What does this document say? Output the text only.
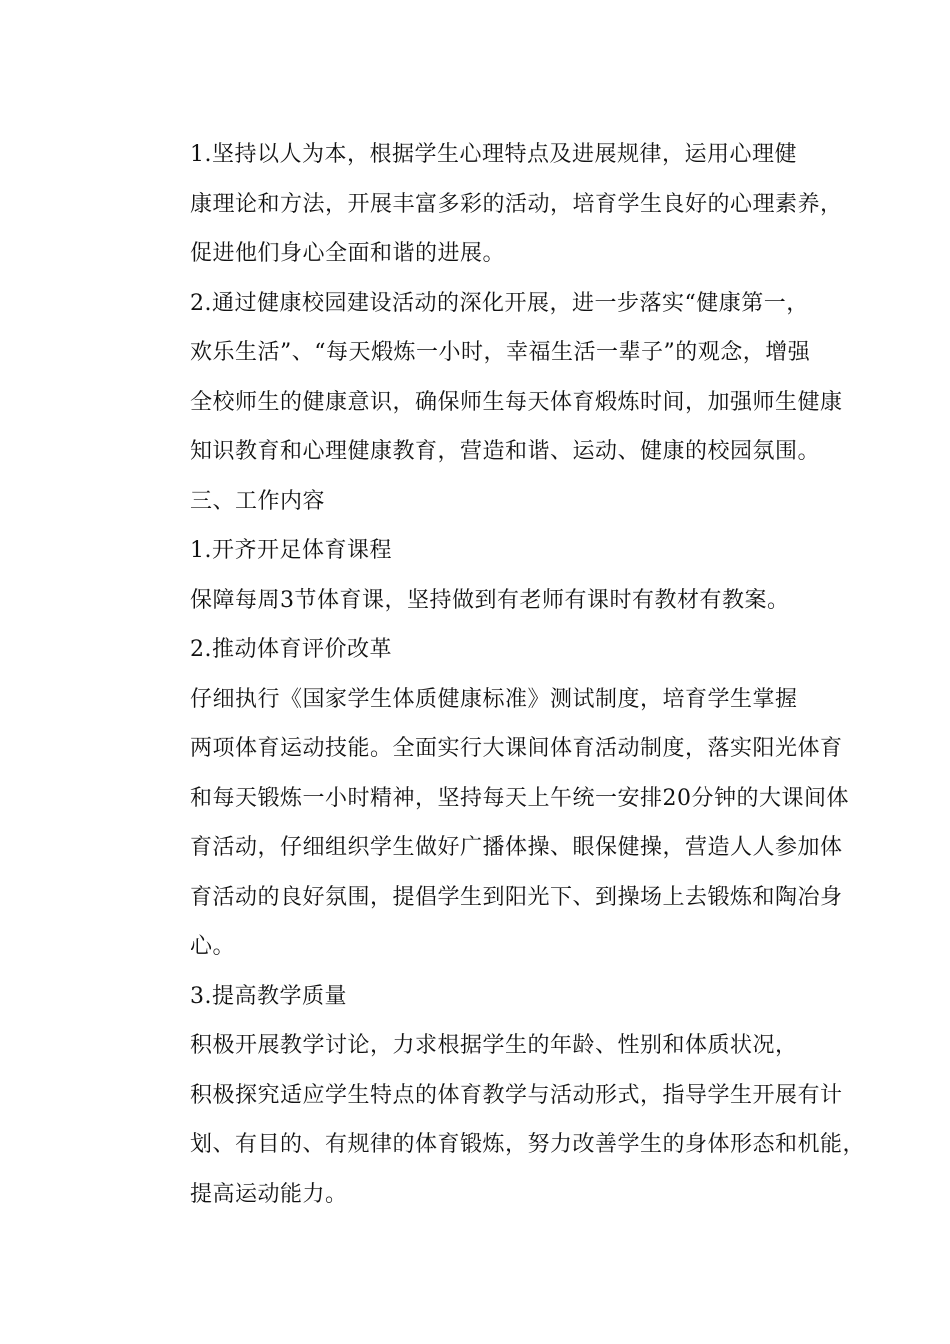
1.坚持以人为本，根据学生心理特点及进展规律，运用心理健
康理论和方法，开展丰富多彩的活动，培育学生良好的心理素养，
促进他们身心全面和谐的进展。

2.通过健康校园建设活动的深化开展，进一步落实“健康第一，
欢乐生活”、“每天煅炼一小时，幸福生活一辈子”的观念，增强
全校师生的健康意识，确保师生每天体育煅炼时间，加强师生健康
知识教育和心理健康教育，营造和谐、运动、健康的校园氛围。

三、工作内容

1.开齐开足体育课程

保障每周3节体育课，坚持做到有老师有课时有教材有教案。

2.推动体育评价改革

仔细执行《国家学生体质健康标准》测试制度，培育学生掌握
两项体育运动技能。全面实行大课间体育活动制度，落实阳光体育
和每天锻炼一小时精神，坚持每天上午统一安排20分钟的大课间体
育活动，仔细组织学生做好广播体操、眼保健操，营造人人参加体
育活动的良好氛围，提倡学生到阳光下、到操场上去锻炼和陶冶身
心。

3.提高教学质量

积极开展教学讨论，力求根据学生的年龄、性别和体质状况，
积极探究适应学生特点的体育教学与活动形式，指导学生开展有计
划、有目的、有规律的体育锻炼，努力改善学生的身体形态和机能，
提高运动能力。
